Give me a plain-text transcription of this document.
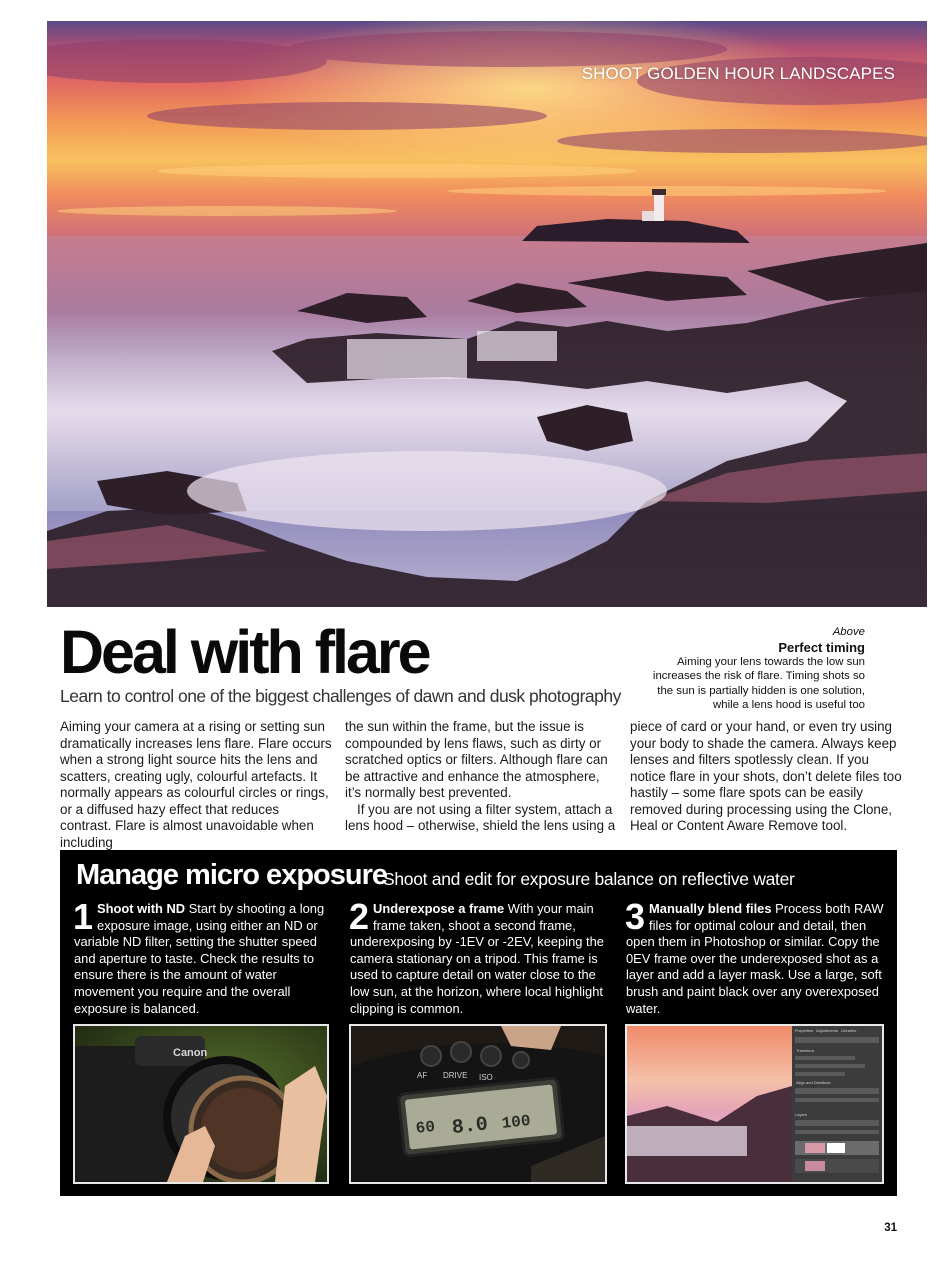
SHOOT GOLDEN HOUR LANDSCAPES
Deal with flare
Learn to control one of the biggest challenges of dawn and dusk photography
Above
Perfect timing
Aiming your lens towards the low sun increases the risk of flare. Timing shots so the sun is partially hidden is one solution, while a lens hood is useful too

Aiming your camera at a rising or setting sun dramatically increases lens flare. Flare occurs when a strong light source hits the lens and scatters, creating ugly, colourful artefacts. It normally appears as colourful circles or rings, or a diffused hazy effect that reduces contrast. Flare is almost unavoidable when including

the sun within the frame, but the issue is compounded by lens flaws, such as dirty or scratched optics or filters. Although flare can be attractive and enhance the atmosphere, it’s normally best prevented.

If you are not using a filter system, attach a lens hood – otherwise, shield the lens using a

piece of card or your hand, or even try using your body to shade the camera. Always keep lenses and filters spotlessly clean. If you notice flare in your shots, don’t delete files too hastily – some flare spots can be easily removed during processing using the Clone, Heal or Content Aware Remove tool.

Manage micro exposure
Shoot and edit for exposure balance on reflective water
1 Shoot with ND Start by shooting a long exposure image, using either an ND or variable ND filter, setting the shutter speed and aperture to taste. Check the results to ensure there is the amount of water movement you require and the overall exposure is balanced.
2 Underexpose a frame With your main frame taken, shoot a second frame, underexposing by -1EV or -2EV, keeping the camera stationary on a tripod. This frame is used to capture detail on water close to the low sun, at the horizon, where local highlight clipping is common.
3 Manually blend files Process both RAW files for optimal colour and detail, then open them in Photoshop or similar. Copy the 0EV frame over the underexposed shot as a layer and add a layer mask. Use a large, soft brush and paint black over any overexposed water.
Canon
AF DRIVE ISO
60 8.0 100
Properties Adjustments Libraries
Transform
Align and Distribute
Layers
31
